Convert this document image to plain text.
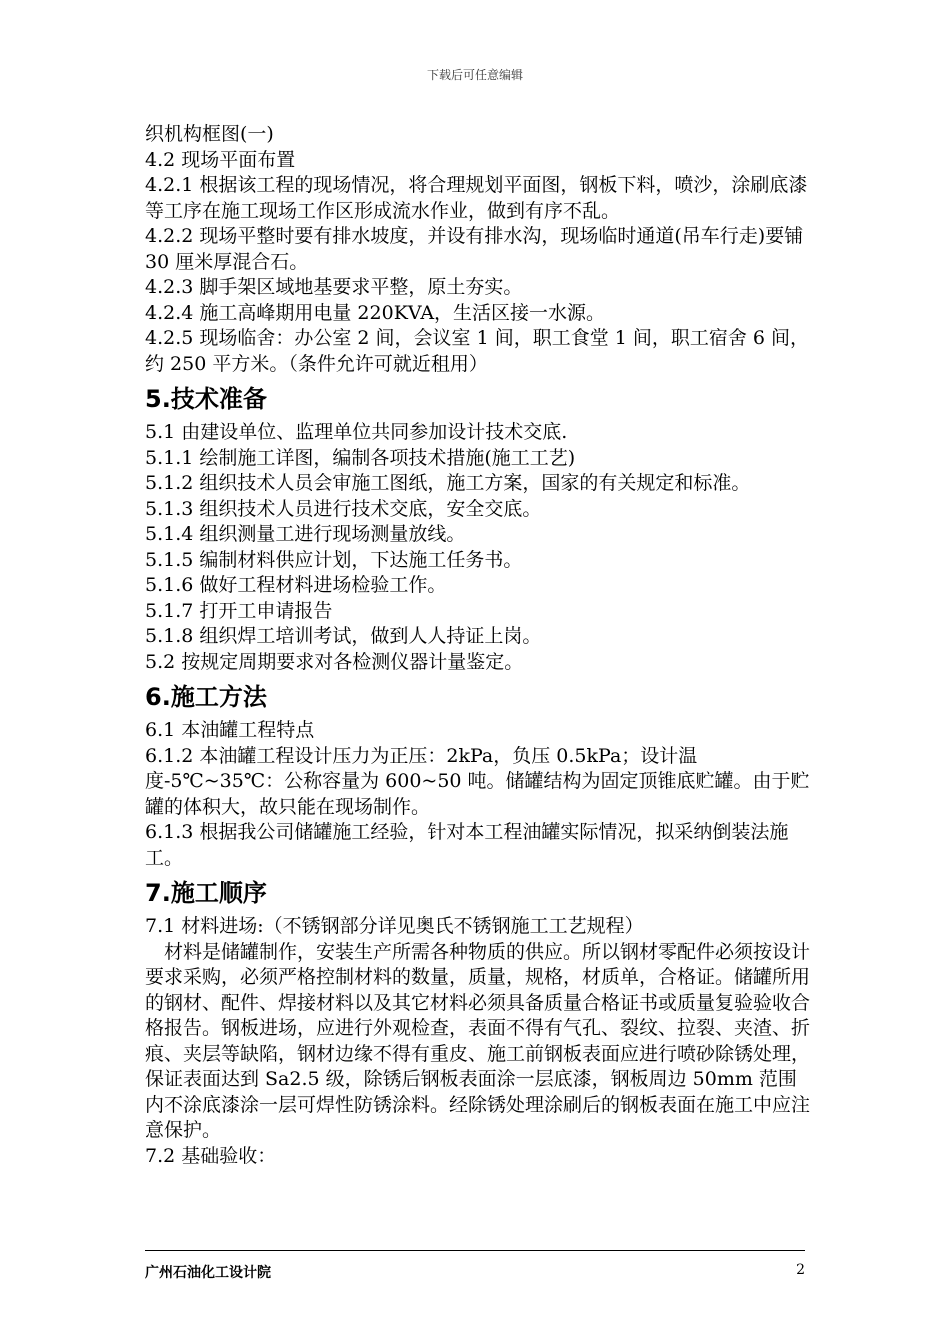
下载后可任意编辑

织机构框图(一)

4.2 现场平面布置

4.2.1 根据该工程的现场情况，将合理规划平面图，钢板下料，喷沙，涂刷底漆等工序在施工现场工作区形成流水作业，做到有序不乱。

4.2.2 现场平整时要有排水坡度，并设有排水沟，现场临时通道(吊车行走)要铺 30 厘米厚混合石。

4.2.3 脚手架区域地基要求平整，原土夯实。

4.2.4 施工高峰期用电量 220KVA，生活区接一水源。

4.2.5 现场临舍：办公室 2 间，会议室 1 间，职工食堂 1 间，职工宿舍 6 间，约 250 平方米。（条件允许可就近租用）

5.技术准备

5.1 由建设单位、监理单位共同参加设计技术交底.

5.1.1 绘制施工详图，编制各项技术措施(施工工艺)

5.1.2 组织技术人员会审施工图纸，施工方案，国家的有关规定和标准。

5.1.3 组织技术人员进行技术交底，安全交底。

5.1.4 组织测量工进行现场测量放线。

5.1.5 编制材料供应计划，下达施工任务书。

5.1.6 做好工程材料进场检验工作。

5.1.7 打开工申请报告

5.1.8 组织焊工培训考试，做到人人持证上岗。

5.2 按规定周期要求对各检测仪器计量鉴定。

6.施工方法

6.1 本油罐工程特点

6.1.2 本油罐工程设计压力为正压：2kPa，负压 0.5kPa；设计温度-5℃~35℃：公称容量为 600~50 吨。储罐结构为固定顶锥底贮罐。由于贮罐的体积大，故只能在现场制作。

6.1.3 根据我公司储罐施工经验，针对本工程油罐实际情况，拟采纳倒装法施工。

7.施工顺序

7.1 材料进场:（不锈钢部分详见奥氏不锈钢施工工艺规程）

材料是储罐制作，安装生产所需各种物质的供应。所以钢材零配件必须按设计要求采购，必须严格控制材料的数量，质量，规格，材质单，合格证。储罐所用的钢材、配件、焊接材料以及其它材料必须具备质量合格证书或质量复验验收合格报告。钢板进场，应进行外观检查，表面不得有气孔、裂纹、拉裂、夹渣、折痕、夹层等缺陷，钢材边缘不得有重皮、施工前钢板表面应进行喷砂除锈处理，保证表面达到 Sa2.5 级，除锈后钢板表面涂一层底漆，钢板周边 50mm 范围内不涂底漆涂一层可焊性防锈涂料。经除锈处理涂刷后的钢板表面在施工中应注意保护。

7.2 基础验收：

广州石油化工设计院	2
